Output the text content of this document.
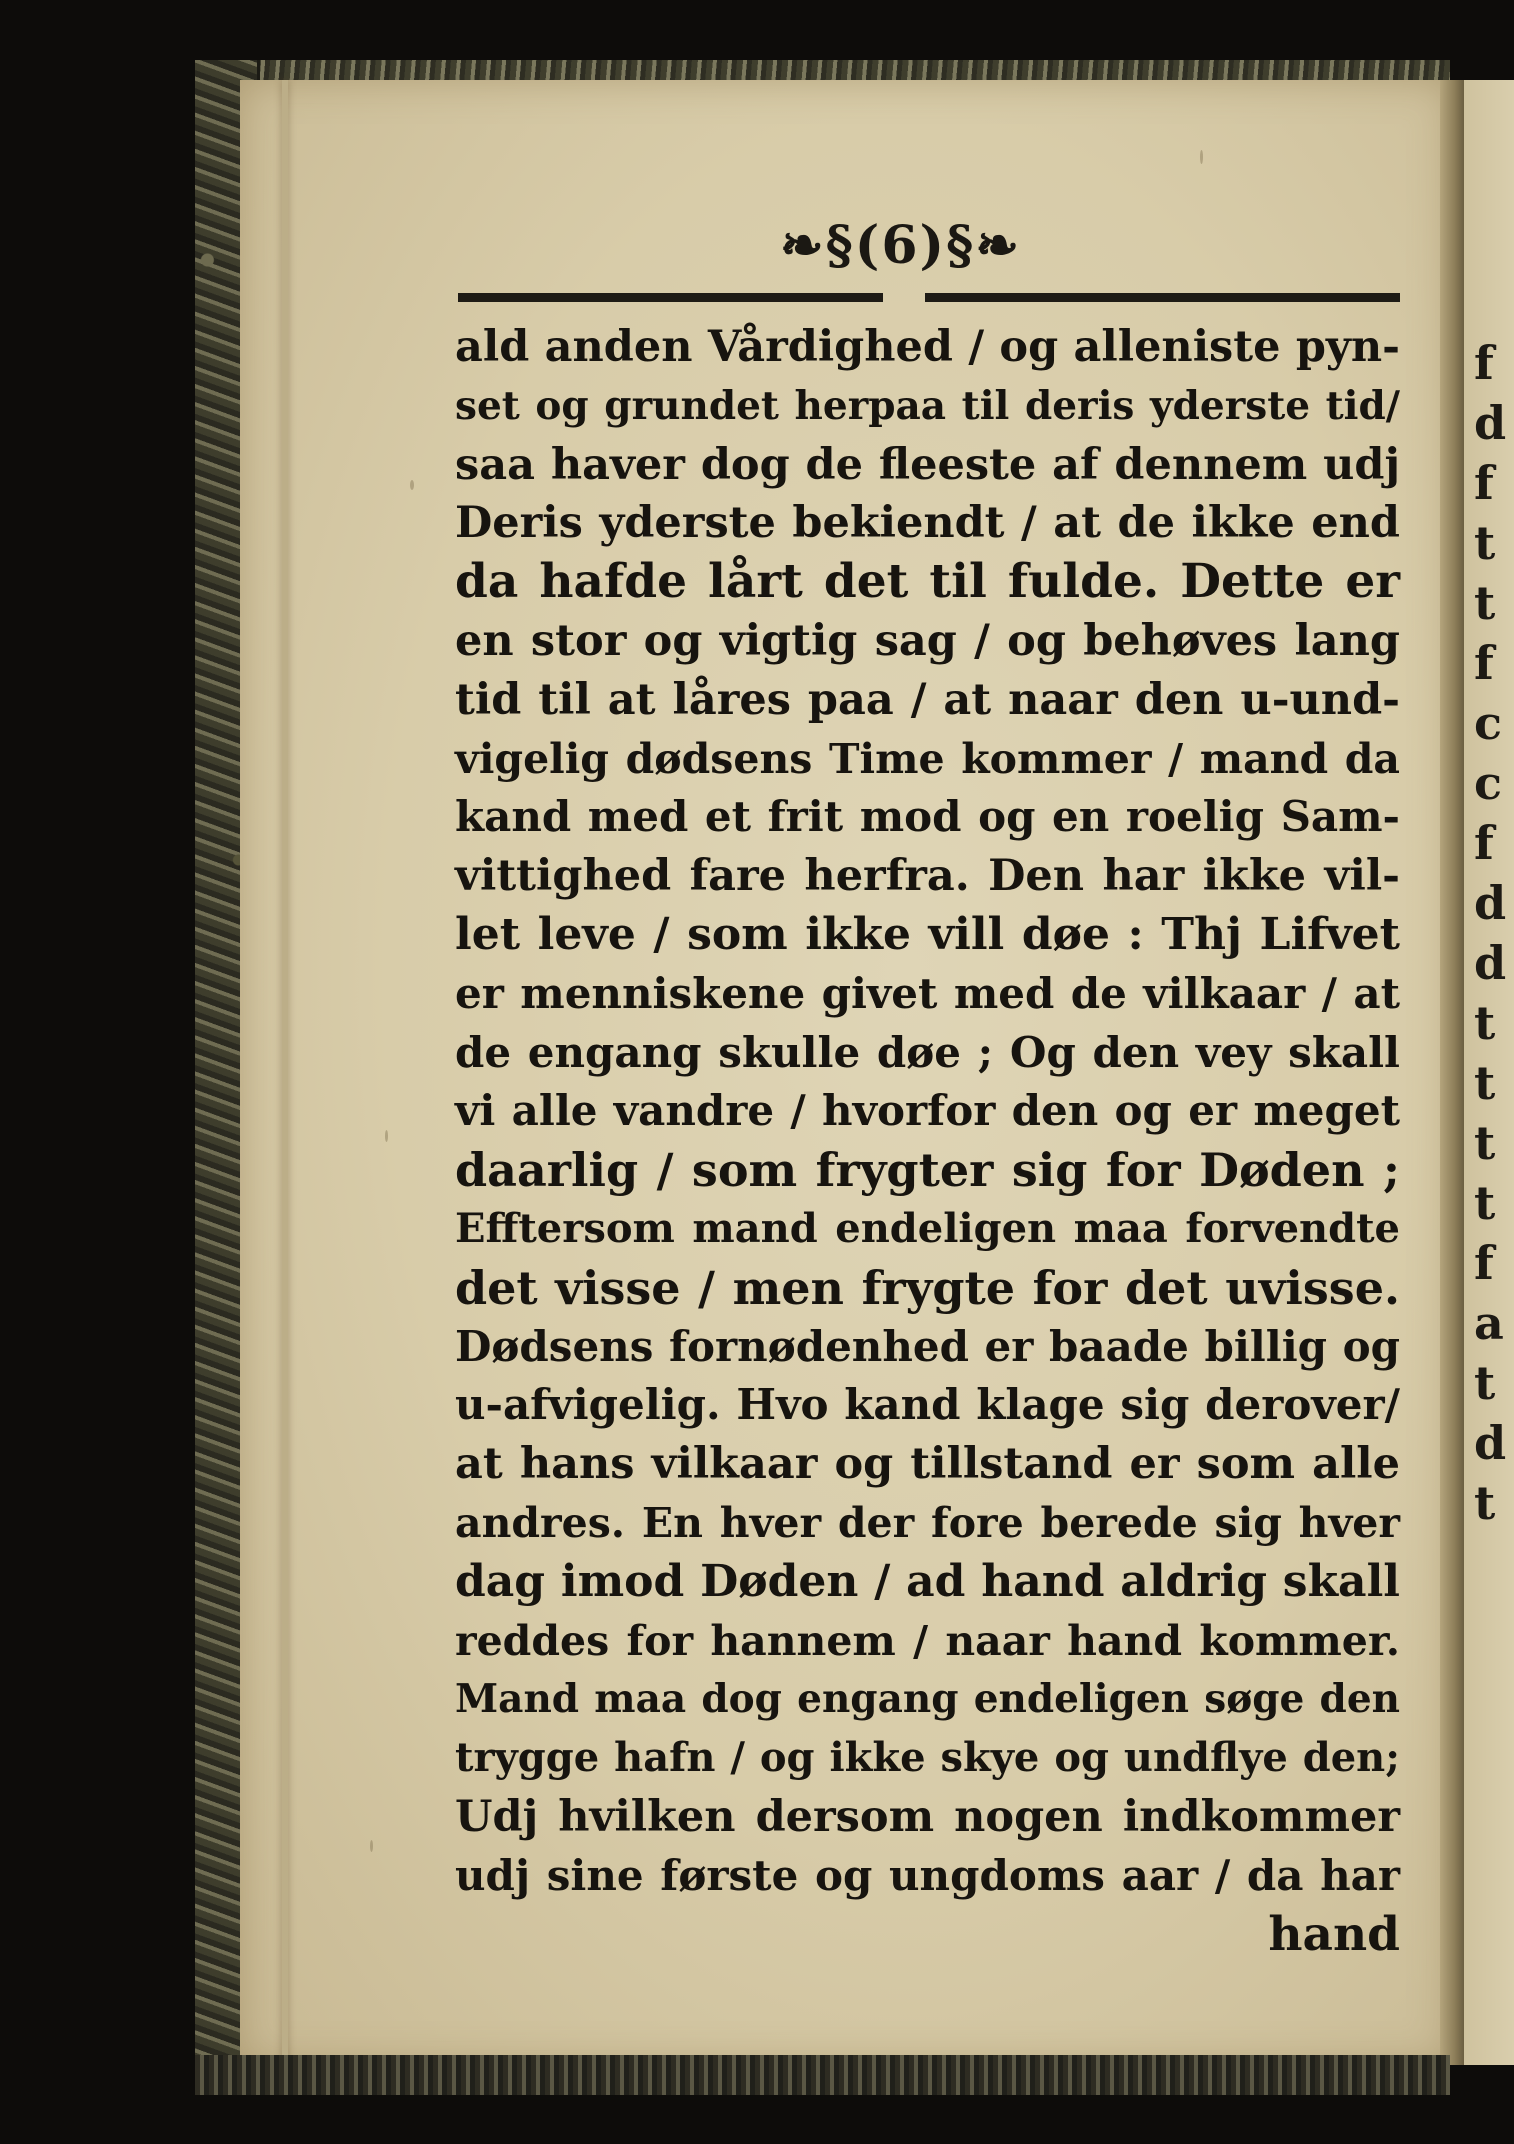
f
d
f
t
t
f
c
c
f
d
d
t
t
t
t
f
a
t
d
t
❧§(6)§❧
ald anden Vårdighed / og alleniste pyn-
set og grundet herpaa til deris yderste tid/
saa haver dog de fleeste af dennem udj
Deris yderste bekiendt / at de ikke end
da hafde lårt det til fulde. Dette er
en stor og vigtig sag / og behøves lang
tid til at låres paa / at naar den u-und-
vigelig dødsens Time kommer / mand da
kand med et frit mod og en roelig Sam-
vittighed fare herfra. Den har ikke vil-
let leve / som ikke vill døe : Thj Lifvet
er menniskene givet med de vilkaar / at
de engang skulle døe ; Og den vey skall
vi alle vandre / hvorfor den og er meget
daarlig / som frygter sig for Døden ;
Efftersom mand endeligen maa forvendte
det visse / men frygte for det uvisse.
Dødsens fornødenhed er baade billig og
u-afvigelig. Hvo kand klage sig derover/
at hans vilkaar og tillstand er som alle
andres. En hver der fore berede sig hver
dag imod Døden / ad hand aldrig skall
reddes for hannem / naar hand kommer.
Mand maa dog engang endeligen søge den
trygge hafn / og ikke skye og undflye den;
Udj hvilken dersom nogen indkommer
udj sine første og ungdoms aar / da har
hand
